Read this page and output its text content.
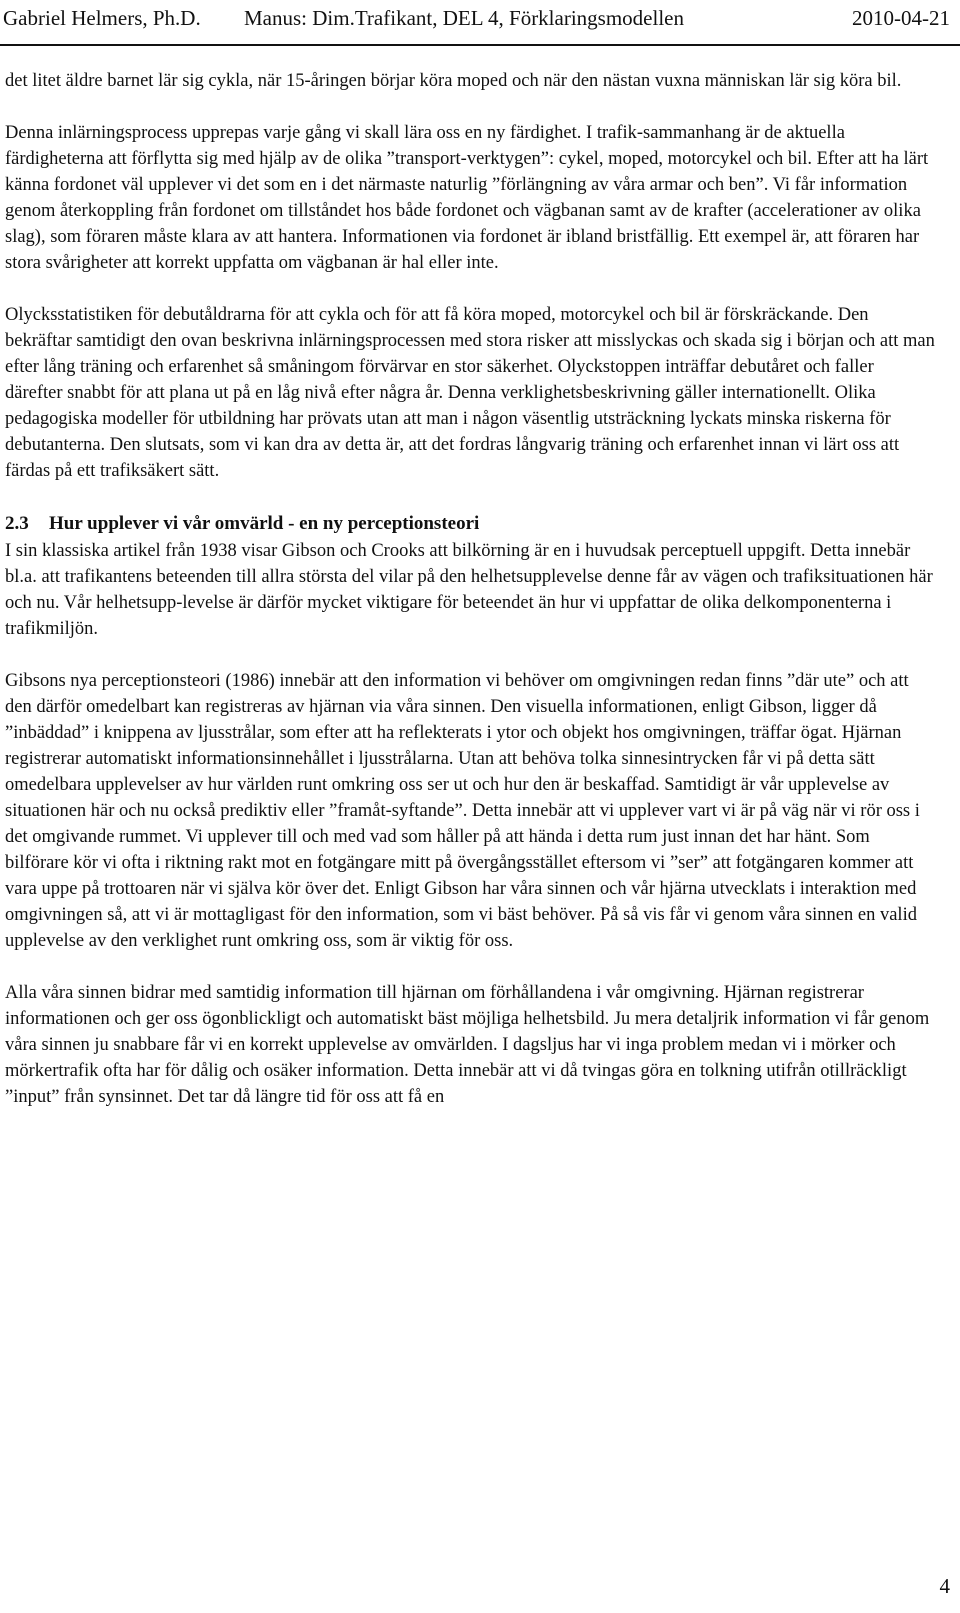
Gabriel Helmers, Ph.D. Manus: Dim.Trafikant, DEL 4, Förklaringsmodellen	2010-04-21

det litet äldre barnet lär sig cykla, när 15-åringen börjar köra moped och när den nästan vuxna människan lär sig köra bil.

Denna inlärningsprocess upprepas varje gång vi skall lära oss en ny färdighet. I trafik-sammanhang är de aktuella färdigheterna att förflytta sig med hjälp av de olika ”transport-verktygen”: cykel, moped, motorcykel och bil. Efter att ha lärt känna fordonet väl upplever vi det som en i det närmaste naturlig ”förlängning av våra armar och ben”. Vi får information genom återkoppling från fordonet om tillståndet hos både fordonet och vägbanan samt av de krafter (accelerationer av olika slag), som föraren måste klara av att hantera. Informationen via fordonet är ibland bristfällig. Ett exempel är, att föraren har stora svårigheter att korrekt uppfatta om vägbanan är hal eller inte.

Olycksstatistiken för debutåldrarna för att cykla och för att få köra moped, motorcykel och bil är förskräckande. Den bekräftar samtidigt den ovan beskrivna inlärningsprocessen med stora risker att misslyckas och skada sig i början och att man efter lång träning och erfarenhet så småningom förvärvar en stor säkerhet. Olyckstoppen inträffar debutåret och faller därefter snabbt för att plana ut på en låg nivå efter några år. Denna verklighetsbeskrivning gäller internationellt. Olika pedagogiska modeller för utbildning har prövats utan att man i någon väsentlig utsträckning lyckats minska riskerna för debutanterna. Den slutsats, som vi kan dra av detta är, att det fordras långvarig träning och erfarenhet innan vi lärt oss att färdas på ett trafiksäkert sätt.

2.3 Hur upplever vi vår omvärld - en ny perceptionsteori

I sin klassiska artikel från 1938 visar Gibson och Crooks att bilkörning är en i huvudsak perceptuell uppgift. Detta innebär bl.a. att trafikantens beteenden till allra största del vilar på den helhetsupplevelse denne får av vägen och trafiksituationen här och nu. Vår helhetsupp-levelse är därför mycket viktigare för beteendet än hur vi uppfattar de olika delkomponenterna i trafikmiljön.

Gibsons nya perceptionsteori (1986) innebär att den information vi behöver om omgivningen redan finns ”där ute” och att den därför omedelbart kan registreras av hjärnan via våra sinnen. Den visuella informationen, enligt Gibson, ligger då ”inbäddad” i knippena av ljusstrålar, som efter att ha reflekterats i ytor och objekt hos omgivningen, träffar ögat. Hjärnan registrerar automatiskt informationsinnehållet i ljusstrålarna. Utan att behöva tolka sinnesintrycken får vi på detta sätt omedelbara upplevelser av hur världen runt omkring oss ser ut och hur den är beskaffad. Samtidigt är vår upplevelse av situationen här och nu också prediktiv eller ”framåt-syftande”. Detta innebär att vi upplever vart vi är på väg när vi rör oss i det omgivande rummet. Vi upplever till och med vad som håller på att hända i detta rum just innan det har hänt. Som bilförare kör vi ofta i riktning rakt mot en fotgängare mitt på övergångsstället eftersom vi ”ser” att fotgängaren kommer att vara uppe på trottoaren när vi själva kör över det. Enligt Gibson har våra sinnen och vår hjärna utvecklats i interaktion med omgivningen så, att vi är mottagligast för den information, som vi bäst behöver. På så vis får vi genom våra sinnen en valid upplevelse av den verklighet runt omkring oss, som är viktig för oss.

Alla våra sinnen bidrar med samtidig information till hjärnan om förhållandena i vår omgivning. Hjärnan registrerar informationen och ger oss ögonblickligt och automatiskt bäst möjliga helhetsbild. Ju mera detaljrik information vi får genom våra sinnen ju snabbare får vi en korrekt upplevelse av omvärlden. I dagsljus har vi inga problem medan vi i mörker och mörkertrafik ofta har för dålig och osäker information. Detta innebär att vi då tvingas göra en tolkning utifrån otillräckligt ”input” från synsinnet. Det tar då längre tid för oss att få en

4
